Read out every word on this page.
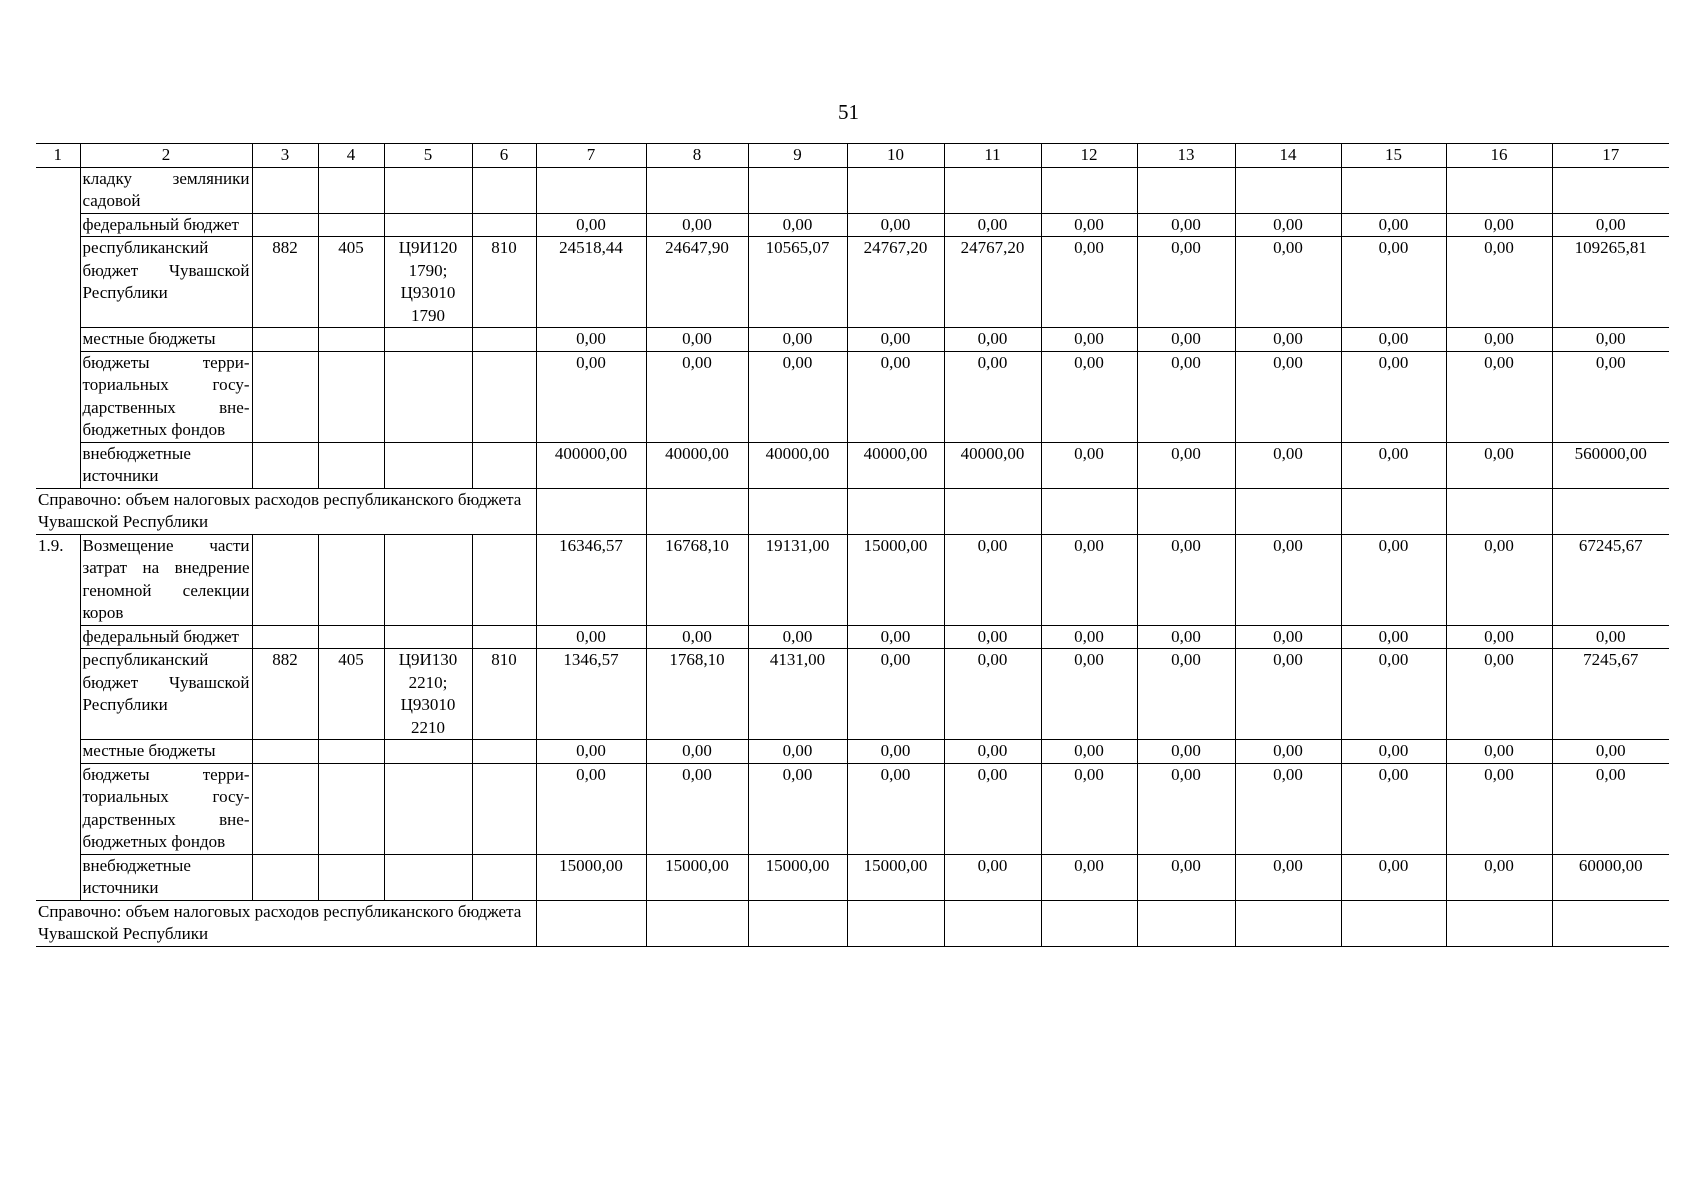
51
1	2	3	4	5	6	7	8	9	10	11	12	13	14	15	16	17
	кладку земляники садовой															
	федеральный бюджет					0,00	0,00	0,00	0,00	0,00	0,00	0,00	0,00	0,00	0,00	0,00
	республиканский бюджет Чувашской Республики	882	405	Ц9И120 1790; Ц93010 1790	810	24518,44	24647,90	10565,07	24767,20	24767,20	0,00	0,00	0,00	0,00	0,00	109265,81
	местные бюджеты					0,00	0,00	0,00	0,00	0,00	0,00	0,00	0,00	0,00	0,00	0,00
	бюджеты территориальных государственных внебюджетных фондов					0,00	0,00	0,00	0,00	0,00	0,00	0,00	0,00	0,00	0,00	0,00
	внебюджетные источники					400000,00	40000,00	40000,00	40000,00	40000,00	0,00	0,00	0,00	0,00	0,00	560000,00
Справочно: объем налоговых расходов республиканского бюджета Чувашской Республики																
1.9.	Возмещение части затрат на внедрение геномной селекции коров					16346,57	16768,10	19131,00	15000,00	0,00	0,00	0,00	0,00	0,00	0,00	67245,67
	федеральный бюджет					0,00	0,00	0,00	0,00	0,00	0,00	0,00	0,00	0,00	0,00	0,00
	республиканский бюджет Чувашской Республики	882	405	Ц9И130 2210; Ц93010 2210	810	1346,57	1768,10	4131,00	0,00	0,00	0,00	0,00	0,00	0,00	0,00	7245,67
	местные бюджеты					0,00	0,00	0,00	0,00	0,00	0,00	0,00	0,00	0,00	0,00	0,00
	бюджеты территориальных государственных внебюджетных фондов					0,00	0,00	0,00	0,00	0,00	0,00	0,00	0,00	0,00	0,00	0,00
	внебюджетные источники					15000,00	15000,00	15000,00	15000,00	0,00	0,00	0,00	0,00	0,00	0,00	60000,00
Справочно: объем налоговых расходов республиканского бюджета Чувашской Республики																
